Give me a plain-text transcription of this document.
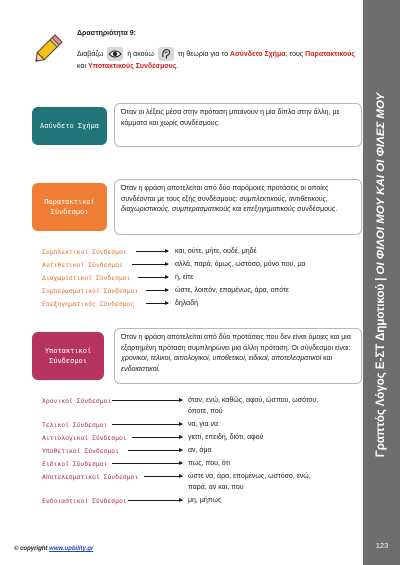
Δραστηριότητα 9:
Διαβάζω	ή ακούω	τη θεωρία για το Ασύνδετο Σχήμα, τους Παρατακτικούς και Υποτακτικούς Συνδέσμους.
Ασύνδετο Σχήμα
Όταν οι λέξεις μέσα στην πρόταση μπαίνουν η μία δίπλα στην άλλη, με κόμματα και χωρίς συνδέσμους.
Παρατακτικοί Σύνδεσμοι
Όταν η φράση αποτελείται από δύο παρόμοιες προτάσεις οι οποίες συνδέονται με τους εξής συνδέσμους: συμπλεκτικούς, αντιθετικούς, διαχωριστικούς, συμπερασματικούς και επεξηγηματικούς συνδέσμους.
Συμπλεκτικοί Σύνδεσμοι	και, ούτε, μήτε, ουδέ, μηδέ
Αντιθετικοί Σύνδεσμοι	αλλά, παρά, όμως, ωστόσο, μόνο που, μα
Διαχωριστικοί Σύνδεσμοι	ή, είτε
Συμπερασματικοί Σύνδεσμοι	ώστε, λοιπόν, επομένως, άρα, οπότε
Επεξηγηματικός Σύνδεσμος	δηλαδή
Υποτακτικοί Σύνδεσμοι
Όταν η φράση αποτελείται από δύο προτάσεις που δεν είναι όμοιες και μια εξαρτημένη πρόταση συμπληρώνει μια άλλη πρόταση. Οι σύνδεσμοι είναι: χρονικοί, τελικοί, αιτιολογικοί, υποθετικοί, ειδικοί, αποτελεσματικοί και ενδοιαστικοί.
Χρονικοί Σύνδεσμοι	όταν, ενώ, καθώς, αφού, ώσπου, ωσότου,
όποτε, πού
Τελικοί Σύνδεσμοι	να, για να
Αιτιολογικοί Σύνδεσμοι	γιατί, επειδή, διότι, αφού
Υποθετικοί Σύνδεσμοι	αν, άμα
Ειδικοί Σύνδεσμοι	πως, που, ότι
Αποτελεσματικοί Σύνδεσμοι	ώστε να, άρα, επομένως, ωστόσο, ενώ,
παρά, αν και, που
Ενδοιαστικοί Σύνδεσμοι	μη, μήπως
© copyright www.upbility.gr
Γραπτός Λόγος Ε-ΣΤ Δημοτικού|ΟΙ ΦΙΛΟΙ ΜΟΥ ΚΑΙ ΟΙ ΦΙΛΕΣ ΜΟΥ
123
